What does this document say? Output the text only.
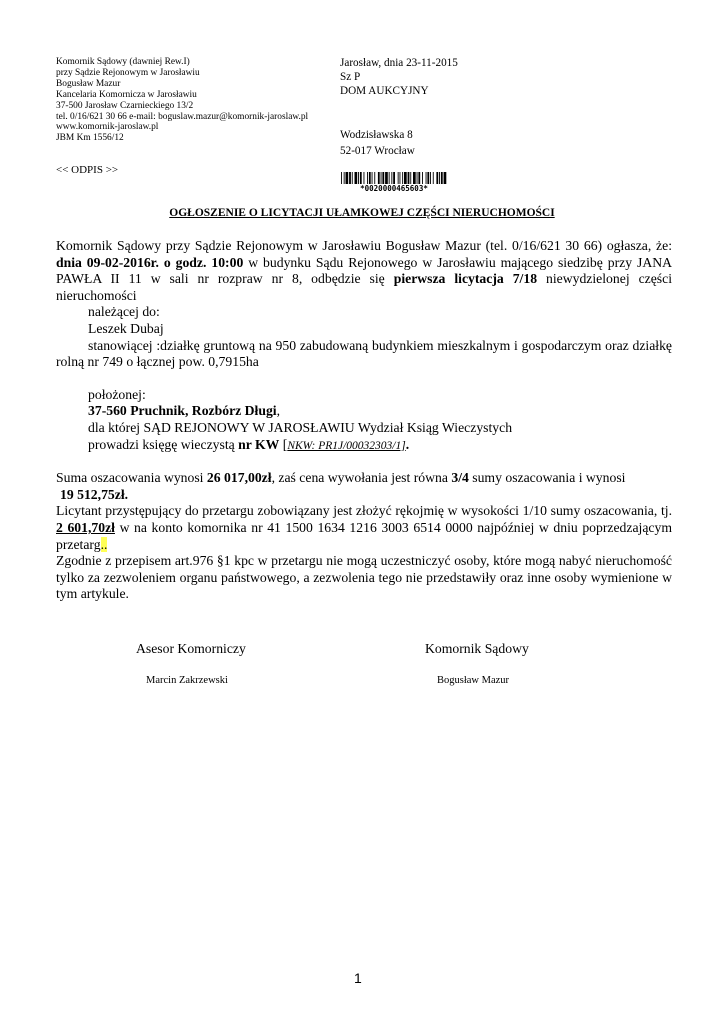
Komornik Sądowy (dawniej Rew.I)
przy Sądzie Rejonowym w Jarosławiu
Bogusław Mazur
Kancelaria Komornicza w Jarosławiu
37-500 Jarosław Czarnieckiego 13/2
tel. 0/16/621 30 66 e-mail: boguslaw.mazur@komornik-jaroslaw.pl
www.komornik-jaroslaw.pl
JBM Km 1556/12
<< ODPIS >>
Jarosław, dnia 23-11-2015
Sz P
DOM AUKCYJNY
Wodzisławska 8
52-017 Wrocław
*0020000465603*
OGŁOSZENIE O LICYTACJI UŁAMKOWEJ CZĘŚCI NIERUCHOMOŚCI
Komornik Sądowy przy Sądzie Rejonowym w Jarosławiu Bogusław Mazur (tel. 0/16/621 30 66) ogłasza, że: dnia 09-02-2016r. o godz. 10:00 w budynku Sądu Rejonowego w Jarosławiu mającego siedzibę przy JANA PAWŁA II 11 w sali nr rozpraw nr 8, odbędzie się pierwsza licytacja 7/18 niewydzielonej części nieruchomości
należącej do:
Leszek Dubaj
stanowiącej :działkę gruntową na 950 zabudowaną budynkiem mieszkalnym i gospodarczym oraz działkę rolną nr 749 o łącznej pow. 0,7915ha
położonej:
37-560 Pruchnik, Rozbórz Długi,
dla której SĄD REJONOWY W JAROSŁAWIU Wydział Ksiąg Wieczystych
prowadzi księgę wieczystą nr KW [NKW: PR1J/00032303/1].
Suma oszacowania wynosi 26 017,00zł, zaś cena wywołania jest równa 3/4 sumy oszacowania i wynosi
19 512,75zł.
Licytant przystępujący do przetargu zobowiązany jest złożyć rękojmię w wysokości 1/10 sumy oszacowania, tj. 2 601,70zł w na konto komornika nr 41 1500 1634 1216 3003 6514 0000 najpóźniej w dniu poprzedzającym przetarg..
Zgodnie z przepisem art.976 §1 kpc w przetargu nie mogą uczestniczyć osoby, które mogą nabyć nieruchomość tylko za zezwoleniem organu państwowego, a zezwolenia tego nie przedstawiły oraz inne osoby wymienione w tym artykule.
Asesor Komorniczy	Komornik Sądowy
Marcin Zakrzewski	Bogusław Mazur
1
